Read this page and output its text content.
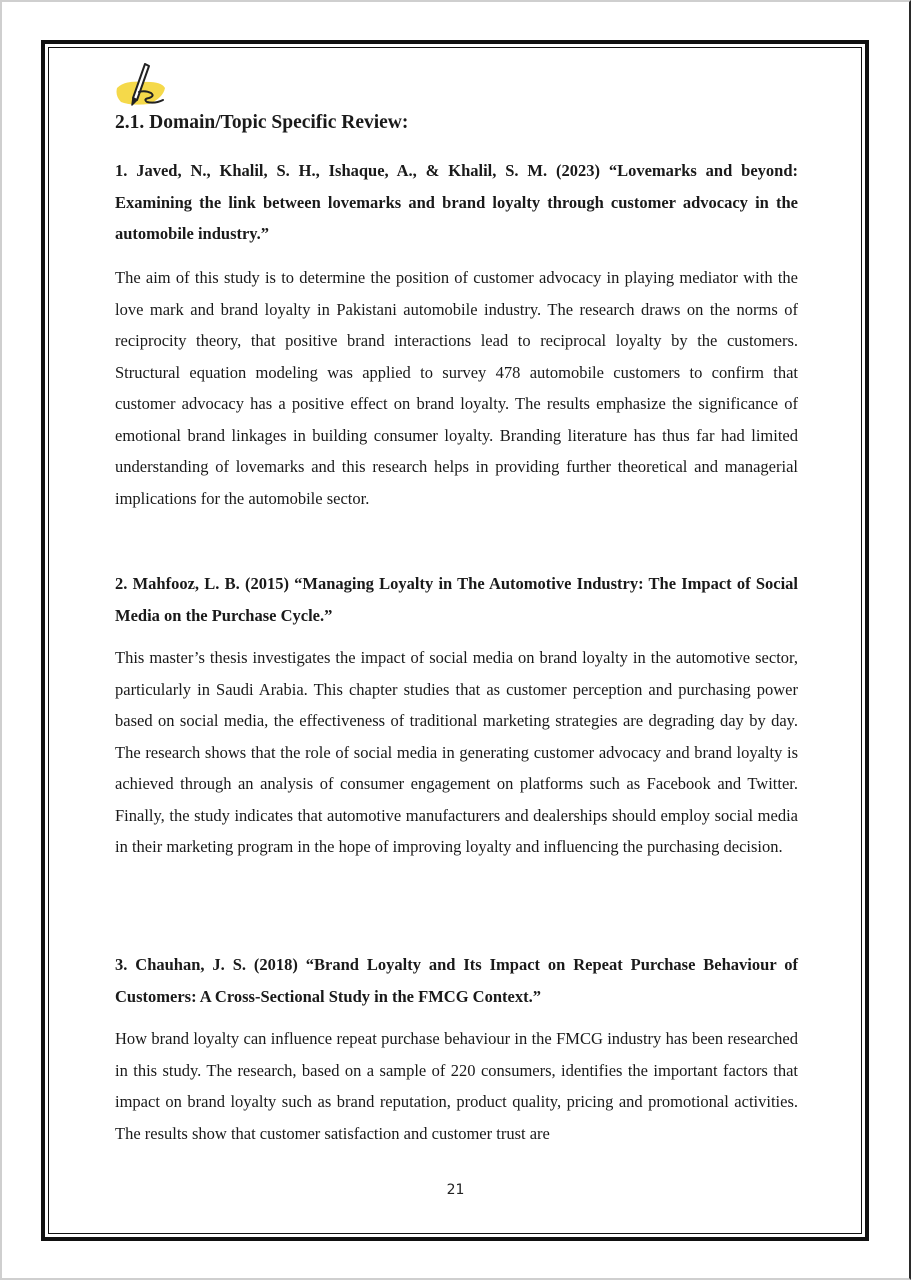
2.1. Domain/Topic Specific Review:

1. Javed, N., Khalil, S. H., Ishaque, A., & Khalil, S. M. (2023) “Lovemarks and beyond: Examining the link between lovemarks and brand loyalty through customer advocacy in the automobile industry.”

The aim of this study is to determine the position of customer advocacy in playing mediator with the love mark and brand loyalty in Pakistani automobile industry. The research draws on the norms of reciprocity theory, that positive brand interactions lead to reciprocal loyalty by the customers. Structural equation modeling was applied to survey 478 automobile customers to confirm that customer advocacy has a positive effect on brand loyalty. The results emphasize the significance of emotional brand linkages in building consumer loyalty. Branding literature has thus far had limited understanding of lovemarks and this research helps in providing further theoretical and managerial implications for the automobile sector.

2. Mahfooz, L. B. (2015) “Managing Loyalty in The Automotive Industry: The Impact of Social Media on the Purchase Cycle.”

This master’s thesis investigates the impact of social media on brand loyalty in the automotive sector, particularly in Saudi Arabia. This chapter studies that as customer perception and purchasing power based on social media, the effectiveness of traditional marketing strategies are degrading day by day. The research shows that the role of social media in generating customer advocacy and brand loyalty is achieved through an analysis of consumer engagement on platforms such as Facebook and Twitter. Finally, the study indicates that automotive manufacturers and dealerships should employ social media in their marketing program in the hope of improving loyalty and influencing the purchasing decision.

3. Chauhan, J. S. (2018) “Brand Loyalty and Its Impact on Repeat Purchase Behaviour of Customers: A Cross-Sectional Study in the FMCG Context.”

How brand loyalty can influence repeat purchase behaviour in the FMCG industry has been researched in this study. The research, based on a sample of 220 consumers, identifies the important factors that impact on brand loyalty such as brand reputation, product quality, pricing and promotional activities. The results show that customer satisfaction and customer trust are

21
